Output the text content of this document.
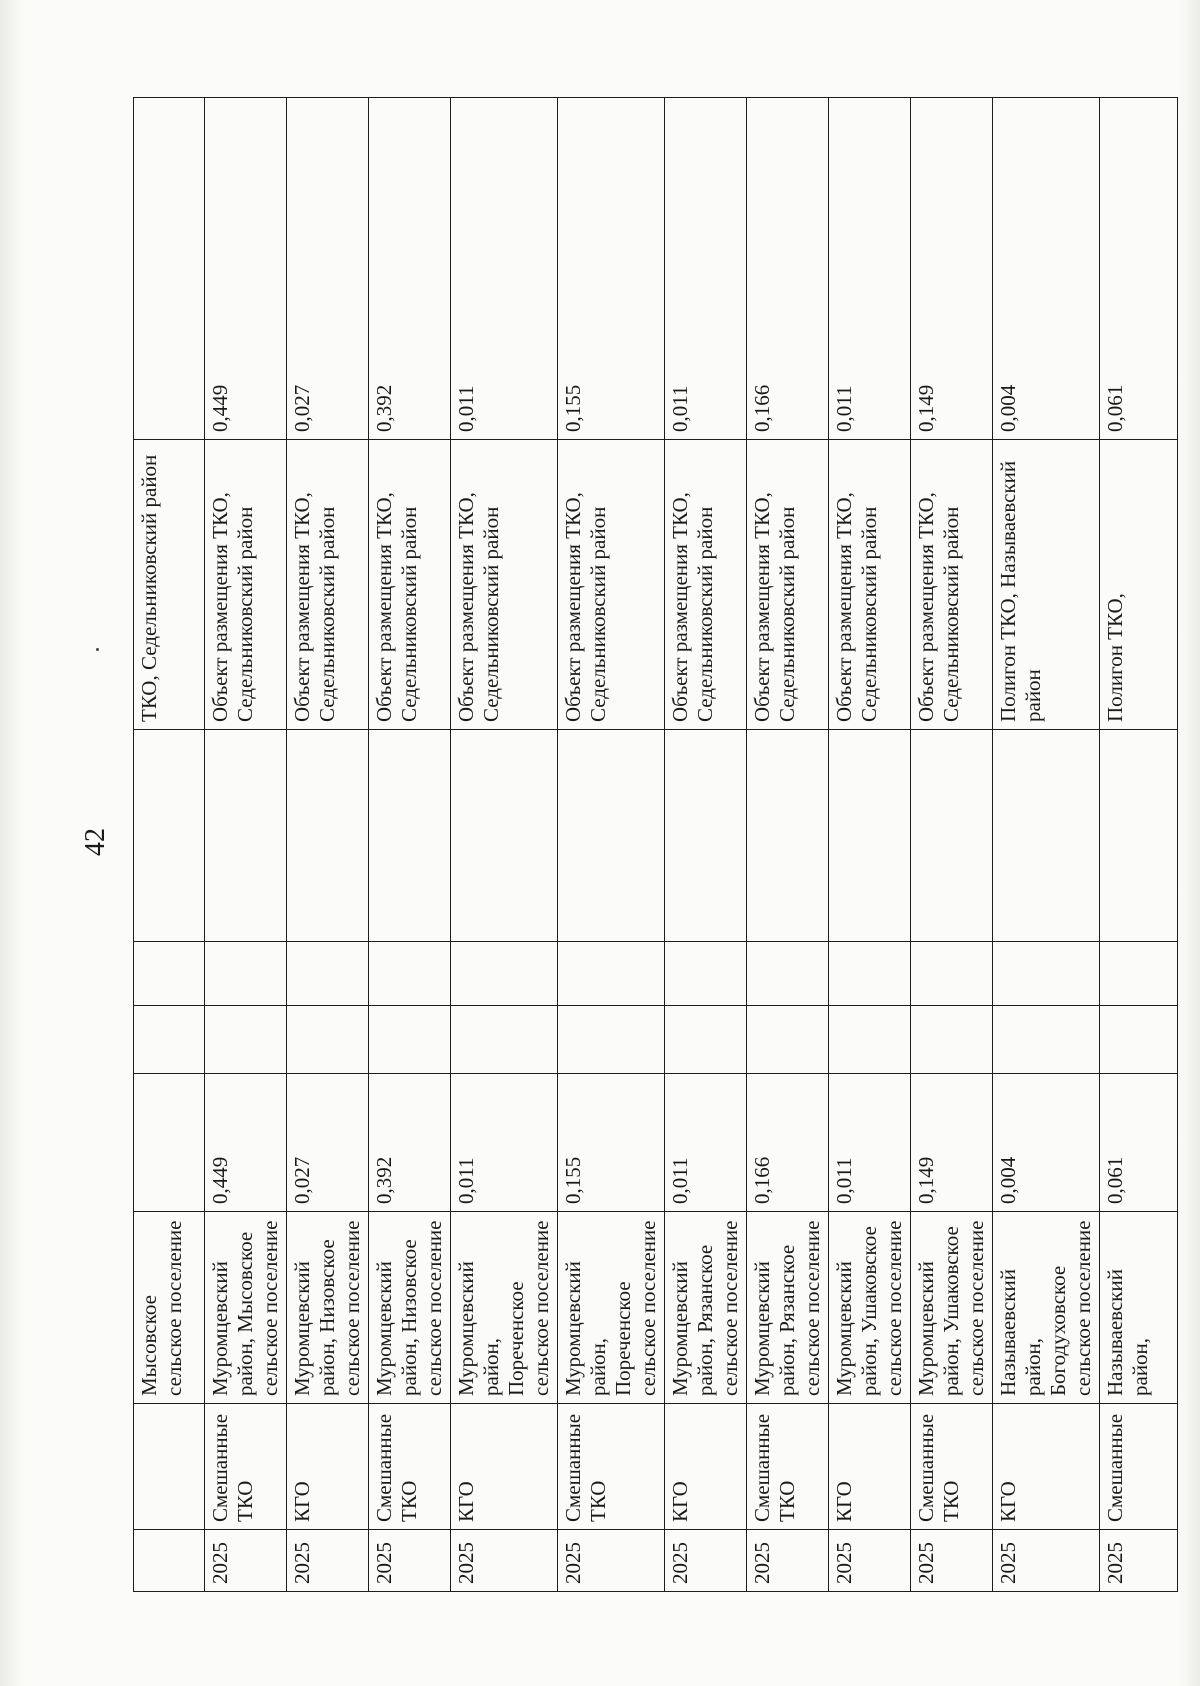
42
		Мысовское сельское поселение					ТКО, Седельниковский район	
2025	Смешанные ТКО	Муромцевский район, Мысовское сельское поселение	0,449				Объект размещения ТКО, Седельниковский район	0,449
2025	КГО	Муромцевский район, Низовское сельское поселение	0,027				Объект размещения ТКО, Седельниковский район	0,027
2025	Смешанные ТКО	Муромцевский район, Низовское сельское поселение	0,392				Объект размещения ТКО, Седельниковский район	0,392
2025	КГО	Муромцевский район, Пореченское сельское поселение	0,011				Объект размещения ТКО, Седельниковский район	0,011
2025	Смешанные ТКО	Муромцевский район, Пореченское сельское поселение	0,155				Объект размещения ТКО, Седельниковский район	0,155
2025	КГО	Муромцевский район, Рязанское сельское поселение	0,011				Объект размещения ТКО, Седельниковский район	0,011
2025	Смешанные ТКО	Муромцевский район, Рязанское сельское поселение	0,166				Объект размещения ТКО, Седельниковский район	0,166
2025	КГО	Муромцевский район, Ушаковское сельское поселение	0,011				Объект размещения ТКО, Седельниковский район	0,011
2025	Смешанные ТКО	Муромцевский район, Ушаковское сельское поселение	0,149				Объект размещения ТКО, Седельниковский район	0,149
2025	КГО	Называевский район, Богодуховское сельское поселение	0,004				Полигон ТКО, Называевский район	0,004
2025	Смешанные	Называевский район,	0,061				Полигон ТКО,	0,061
